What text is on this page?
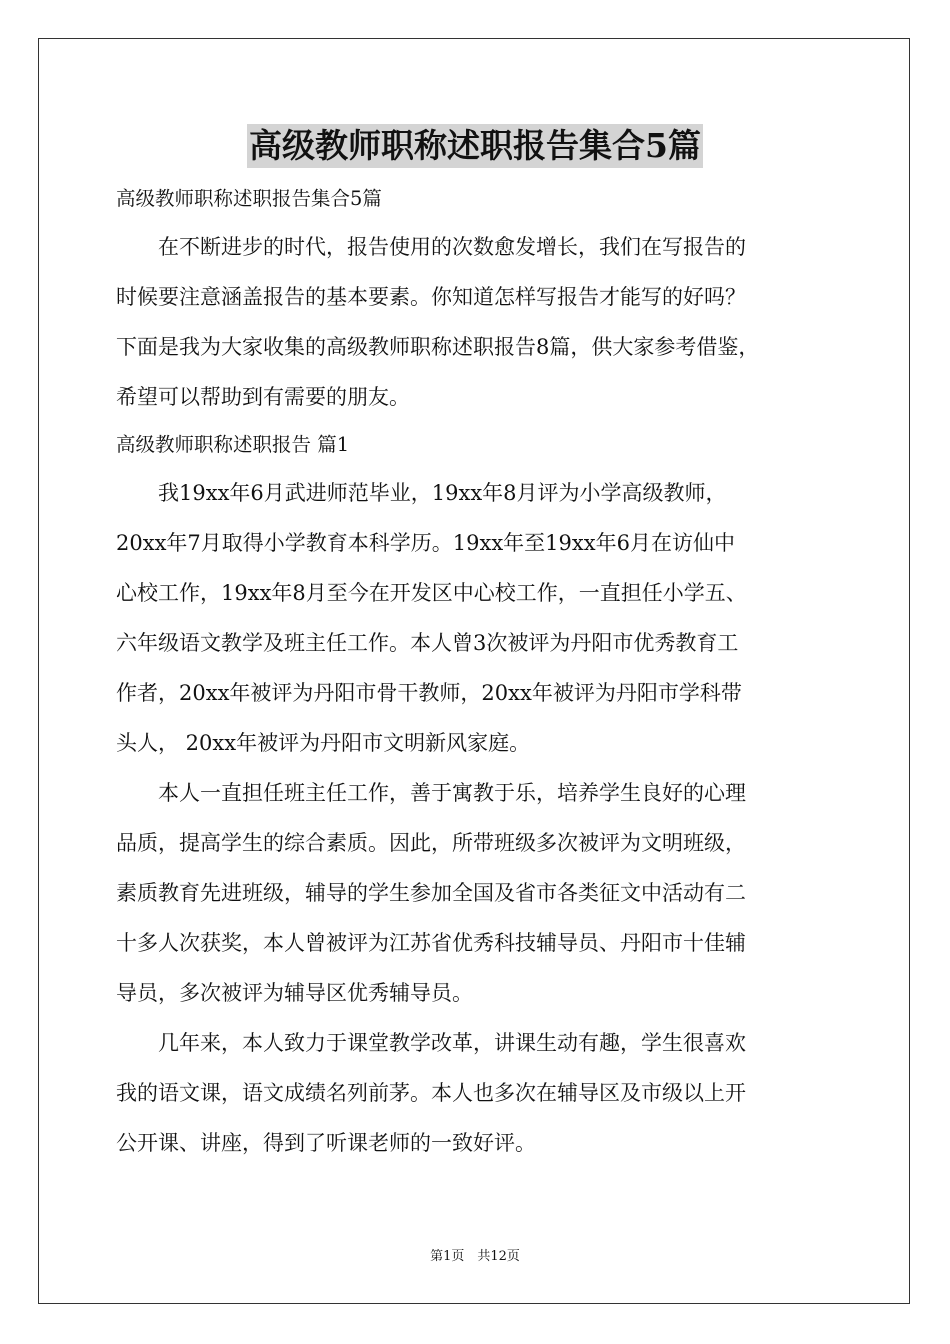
高级教师职称述职报告集合5篇

高级教师职称述职报告集合5篇

在不断进步的时代，报告使用的次数愈发增长，我们在写报告的

时候要注意涵盖报告的基本要素。你知道怎样写报告才能写的好吗？

下面是我为大家收集的高级教师职称述职报告8篇，供大家参考借鉴，

希望可以帮助到有需要的朋友。

高级教师职称述职报告 篇1

我19xx年6月武进师范毕业，19xx年8月评为小学高级教师，

20xx年7月取得小学教育本科学历。19xx年至19xx年6月在访仙中

心校工作，19xx年8月至今在开发区中心校工作，一直担任小学五、

六年级语文教学及班主任工作。本人曾3次被评为丹阳市优秀教育工

作者，20xx年被评为丹阳市骨干教师，20xx年被评为丹阳市学科带

头人， 20xx年被评为丹阳市文明新风家庭。

本人一直担任班主任工作，善于寓教于乐，培养学生良好的心理

品质，提高学生的综合素质。因此，所带班级多次被评为文明班级，

素质教育先进班级，辅导的学生参加全国及省市各类征文中活动有二

十多人次获奖，本人曾被评为江苏省优秀科技辅导员、丹阳市十佳辅

导员，多次被评为辅导区优秀辅导员。

几年来，本人致力于课堂教学改革，讲课生动有趣，学生很喜欢

我的语文课，语文成绩名列前茅。本人也多次在辅导区及市级以上开

公开课、讲座，得到了听课老师的一致好评。

第1页　共12页
